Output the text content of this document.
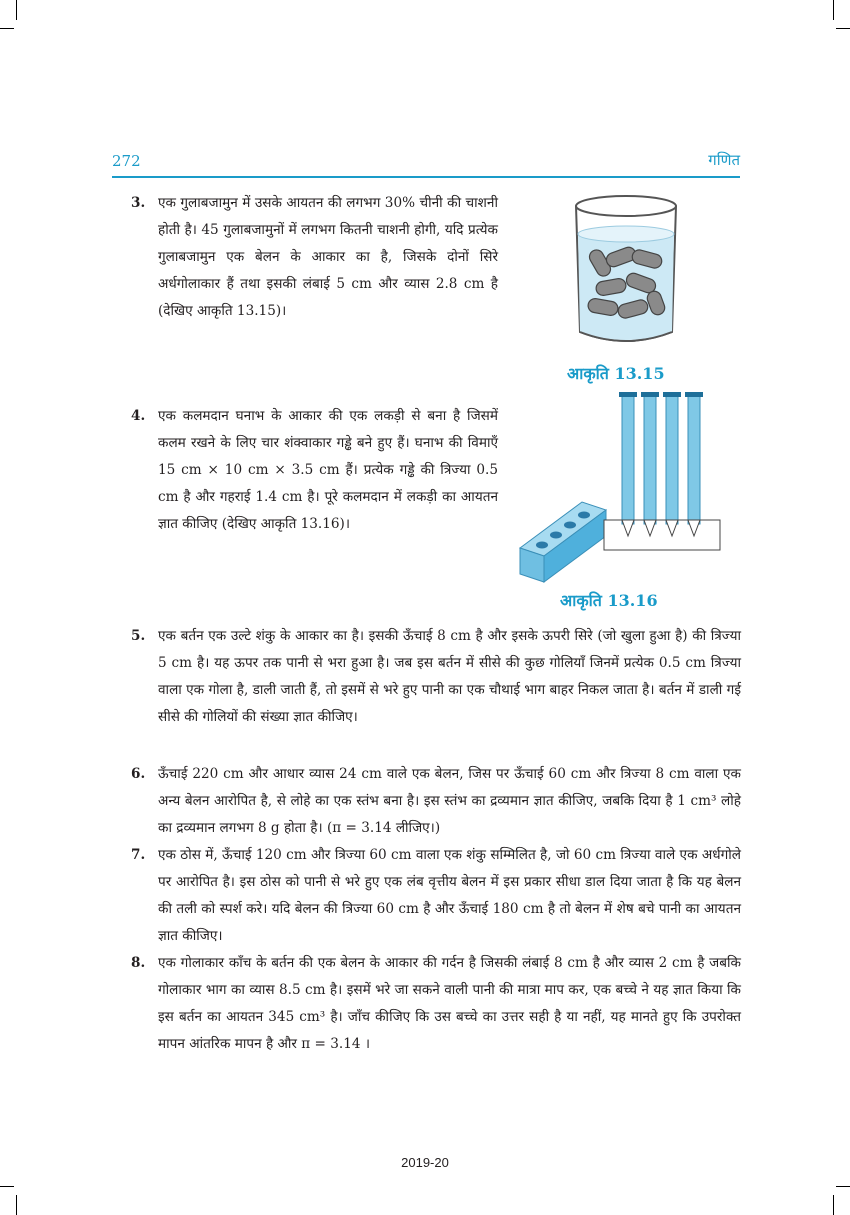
272	गणित
3. एक गुलाबजामुन में उसके आयतन की लगभग 30% चीनी की चाशनी होती है। 45 गुलाबजामुनों में लगभग कितनी चाशनी होगी, यदि प्रत्येक गुलाबजामुन एक बेलन के आकार का है, जिसके दोनों सिरे अर्धगोलाकार हैं तथा इसकी लंबाई 5 cm और व्यास 2.8 cm है (देखिए आकृति 13.15)।
आकृति 13.15
4. एक कलमदान घनाभ के आकार की एक लकड़ी से बना है जिसमें कलम रखने के लिए चार शंक्वाकार गड्ढे बने हुए हैं। घनाभ की विमाएँ 15 cm × 10 cm × 3.5 cm हैं। प्रत्येक गड्ढे की त्रिज्या 0.5 cm है और गहराई 1.4 cm है। पूरे कलमदान में लकड़ी का आयतन ज्ञात कीजिए (देखिए आकृति 13.16)।
आकृति 13.16
5. एक बर्तन एक उल्टे शंकु के आकार का है। इसकी ऊँचाई 8 cm है और इसके ऊपरी सिरे (जो खुला हुआ है) की त्रिज्या 5 cm है। यह ऊपर तक पानी से भरा हुआ है। जब इस बर्तन में सीसे की कुछ गोलियाँ जिनमें प्रत्येक 0.5 cm त्रिज्या वाला एक गोला है, डाली जाती हैं, तो इसमें से भरे हुए पानी का एक चौथाई भाग बाहर निकल जाता है। बर्तन में डाली गई सीसे की गोलियों की संख्या ज्ञात कीजिए।
6. ऊँचाई 220 cm और आधार व्यास 24 cm वाले एक बेलन, जिस पर ऊँचाई 60 cm और त्रिज्या 8 cm वाला एक अन्य बेलन आरोपित है, से लोहे का एक स्तंभ बना है। इस स्तंभ का द्रव्यमान ज्ञात कीजिए, जबकि दिया है 1 cm³ लोहे का द्रव्यमान लगभग 8 g होता है। (π = 3.14 लीजिए।)
7. एक ठोस में, ऊँचाई 120 cm और त्रिज्या 60 cm वाला एक शंकु सम्मिलित है, जो 60 cm त्रिज्या वाले एक अर्धगोले पर आरोपित है। इस ठोस को पानी से भरे हुए एक लंब वृत्तीय बेलन में इस प्रकार सीधा डाल दिया जाता है कि यह बेलन की तली को स्पर्श करे। यदि बेलन की त्रिज्या 60 cm है और ऊँचाई 180 cm है तो बेलन में शेष बचे पानी का आयतन ज्ञात कीजिए।
8. एक गोलाकार काँच के बर्तन की एक बेलन के आकार की गर्दन है जिसकी लंबाई 8 cm है और व्यास 2 cm है जबकि गोलाकार भाग का व्यास 8.5 cm है। इसमें भरे जा सकने वाली पानी की मात्रा माप कर, एक बच्चे ने यह ज्ञात किया कि इस बर्तन का आयतन 345 cm³ है। जाँच कीजिए कि उस बच्चे का उत्तर सही है या नहीं, यह मानते हुए कि उपरोक्त मापन आंतरिक मापन है और π = 3.14 ।
2019-20
